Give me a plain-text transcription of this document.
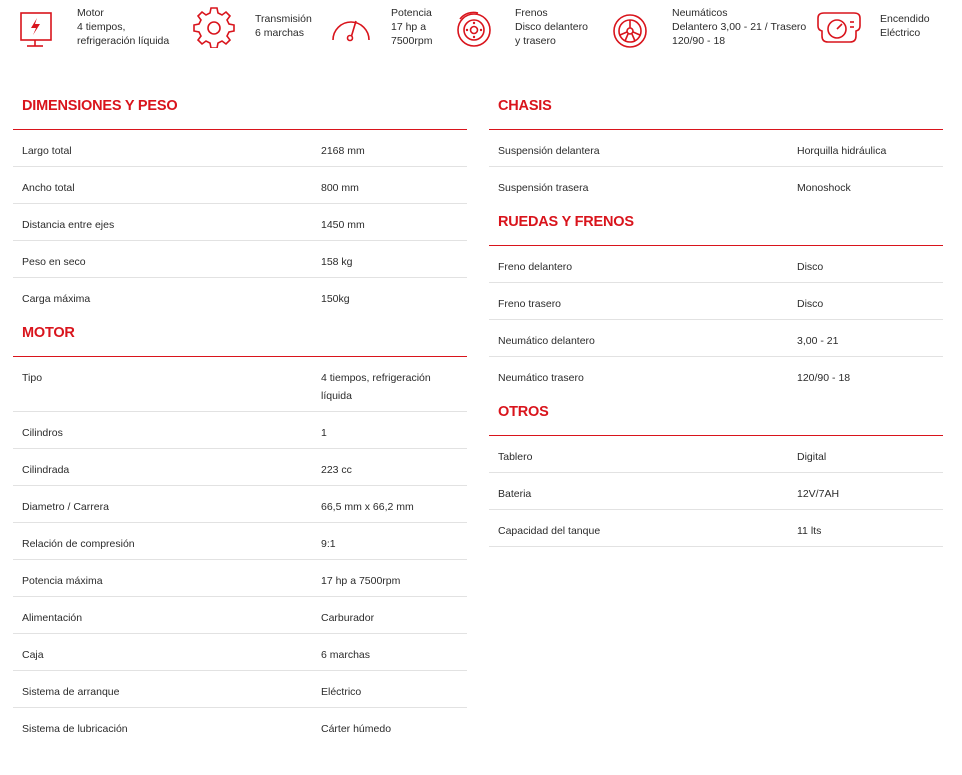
Motor
4 tiempos,
refrigeración líquida
Transmisión
6 marchas
Potencia
17 hp a
7500rpm
Frenos
Disco delantero
y trasero
Neumáticos
Delantero 3,00 - 21 / Trasero
120/90 - 18
Encendido
Eléctrico
DIMENSIONES Y PESO
Largo total	2168 mm
Ancho total	800 mm
Distancia entre ejes	1450 mm
Peso en seco	158 kg
Carga máxima	150kg
MOTOR
Tipo	4 tiempos, refrigeración líquida
Cilindros	1
Cilindrada	223 cc
Diametro / Carrera	66,5 mm x 66,2 mm
Relación de compresión	9:1
Potencia máxima	17 hp a 7500rpm
Alimentación	Carburador
Caja	6 marchas
Sistema de arranque	Eléctrico
Sistema de lubricación	Cárter húmedo
CHASIS
Suspensión delantera	Horquilla hidráulica
Suspensión trasera	Monoshock
RUEDAS Y FRENOS
Freno delantero	Disco
Freno trasero	Disco
Neumático delantero	3,00 - 21
Neumático trasero	120/90 - 18
OTROS
Tablero	Digital
Bateria	12V/7AH
Capacidad del tanque	11 lts
